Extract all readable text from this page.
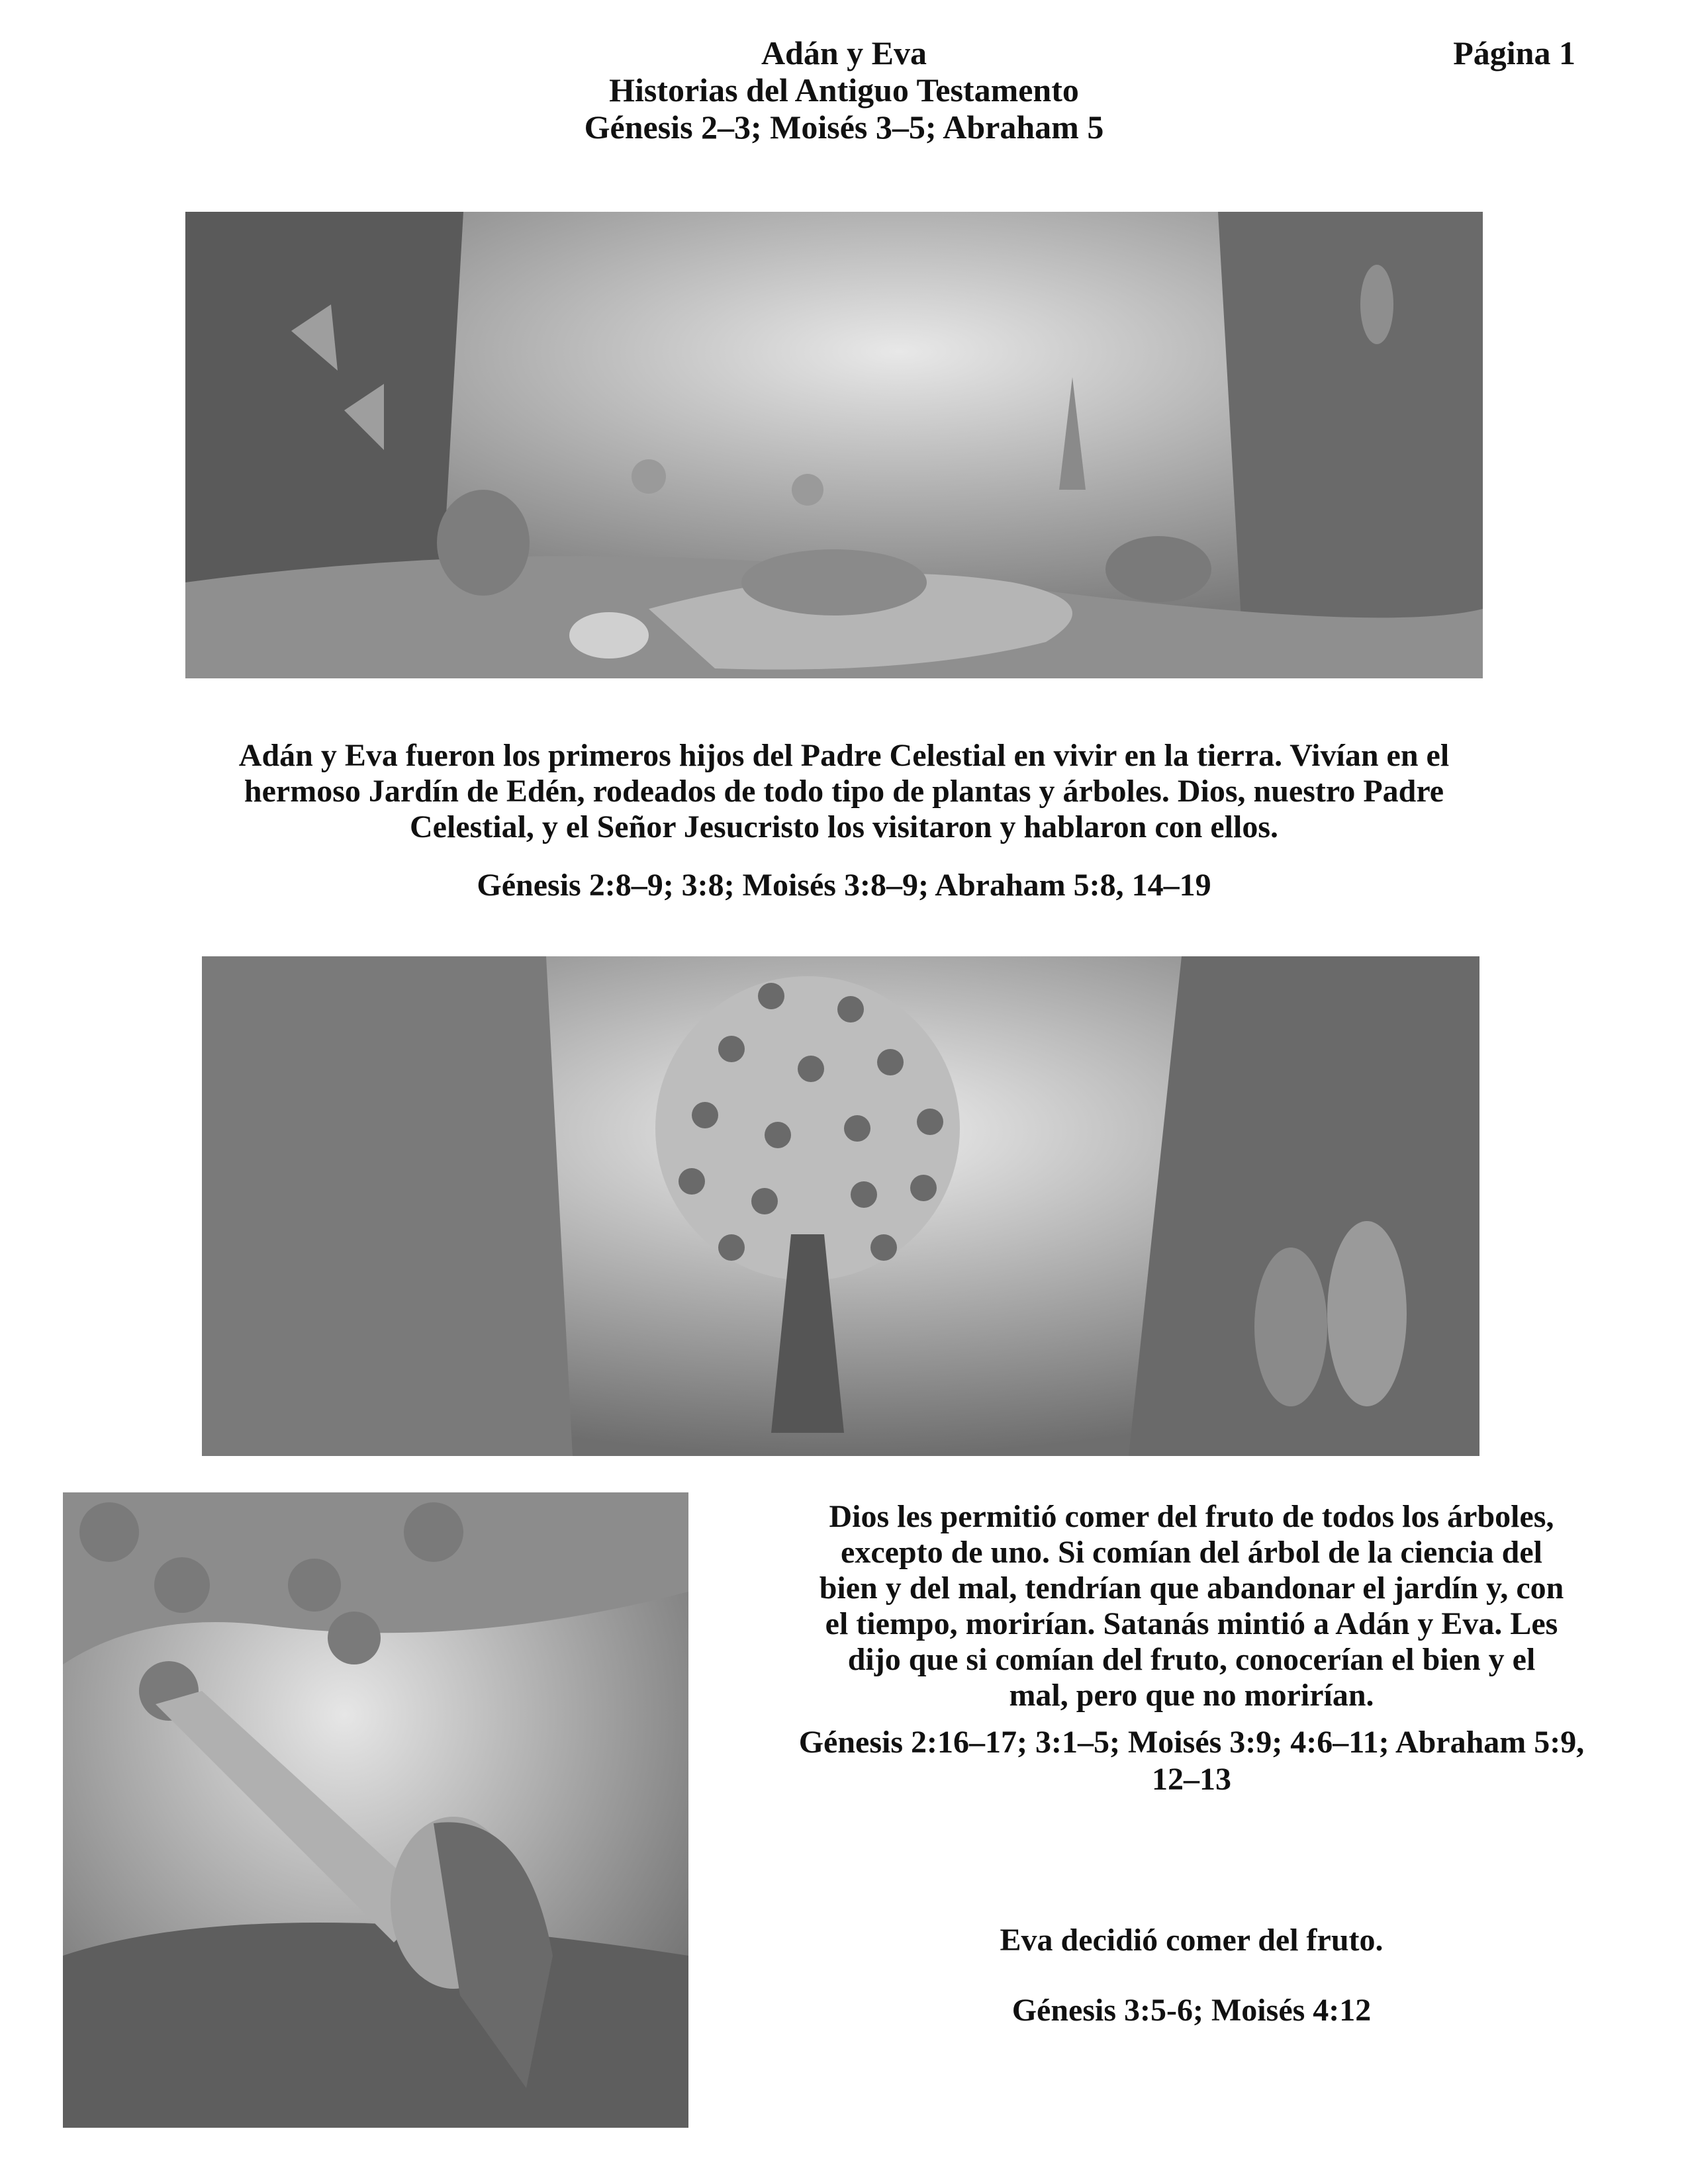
Adán y Eva
Historias del Antiguo Testamento
Génesis 2–3; Moisés 3–5; Abraham 5
Página 1
Adán y Eva fueron los primeros hijos del Padre Celestial en vivir en la tierra. Vivían en el
hermoso Jardín de Edén, rodeados de todo tipo de plantas y árboles. Dios, nuestro Padre
Celestial, y el Señor Jesucristo los visitaron y hablaron con ellos.
Génesis 2:8–9; 3:8; Moisés 3:8–9; Abraham 5:8, 14–19
Dios les permitió comer del fruto de todos los árboles,
excepto de uno. Si comían del árbol de la ciencia del
bien y del mal, tendrían que abandonar el jardín y, con
el tiempo, morirían. Satanás mintió a Adán y Eva. Les
dijo que si comían del fruto, conocerían el bien y el
mal, pero que no morirían.
Génesis 2:16–17; 3:1–5; Moisés 3:9; 4:6–11; Abraham 5:9,
12–13
Eva decidió comer del fruto.
Génesis 3:5-6; Moisés 4:12
